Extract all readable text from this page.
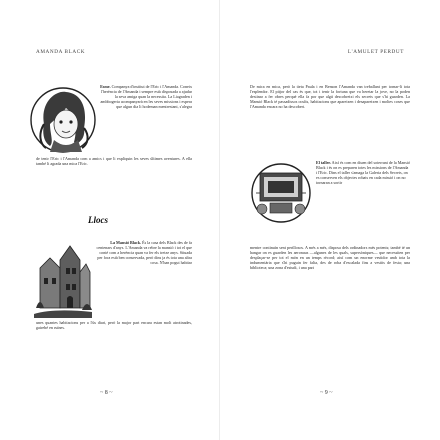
AMANDA BLACK
Esme. Companya d'institut de l'Eric i l'Amanda. Coneix l'herència de l'Amanda i sempre està disposada a ajudar la seva amiga quan la necessita. La Liagraden i ambbogeria acompanyarà en les seves missions i espera que algun dia li hodeman mentrestant, s'alegra
de tenir l'Eric i l'Amanda com a amics i que li expliquin les seves últimes aventures. A ella també li agrada una mica l'Eric.
Llocs
La Mansió Black. És la casa dels Black des de fa centenars d'anys. L'Amanda va rebre la mansió i tot el que conté com a herència quan va fer els tretze anys. Situada per fora està ben conservada, però dins ja és tota una altra cosa. N'han pogut habitar
unes quantes habitacions per a l'ús diari, però la major part encara estan molt atrotinades, gairebé en ruïnes.
~ 8 ~
L'AMULET PERDUT
De mica en mica, però la tieta Paula i en Benson l'Amanda van treballant per tornar-li tota l'esplendor. El pitjor del cas és que, tot i tenir la fortuna que va heretar la jove, no la poden destinar a fer obres perquè ella fa por que algú descobreixi els secrets que s'hi guarden. La Mansió Black té passadissos ocults, habitacions que apareixen i desapareixen i moltes coses que l'Amanda encara no ha descobert.
El taller. Així és com en diuen del soterrani de la Mansió Black i és on es preparen totes les missions de l'Amanda i l'Eric. Dins el taller s'amaga la Galeria dels Secrets, on es conserven els objectes robats en cada missió i on no tornaran a sortir
mentre continuïn sent perillosos. A més a més, disposa dels ordinadors més potents; també té un hangar on es guarden les aeronaus —algunes de les quals, supersòniques— que necessiten per desplaçar-se per tot el món en un temps rècord; així com un enorme vestidor amb tota la indumentària que s'hi puguin fer falta, des de roba d'escalada fins a vestits de festa; una biblioteca; una zona d'estudi, i una part
~ 9 ~
